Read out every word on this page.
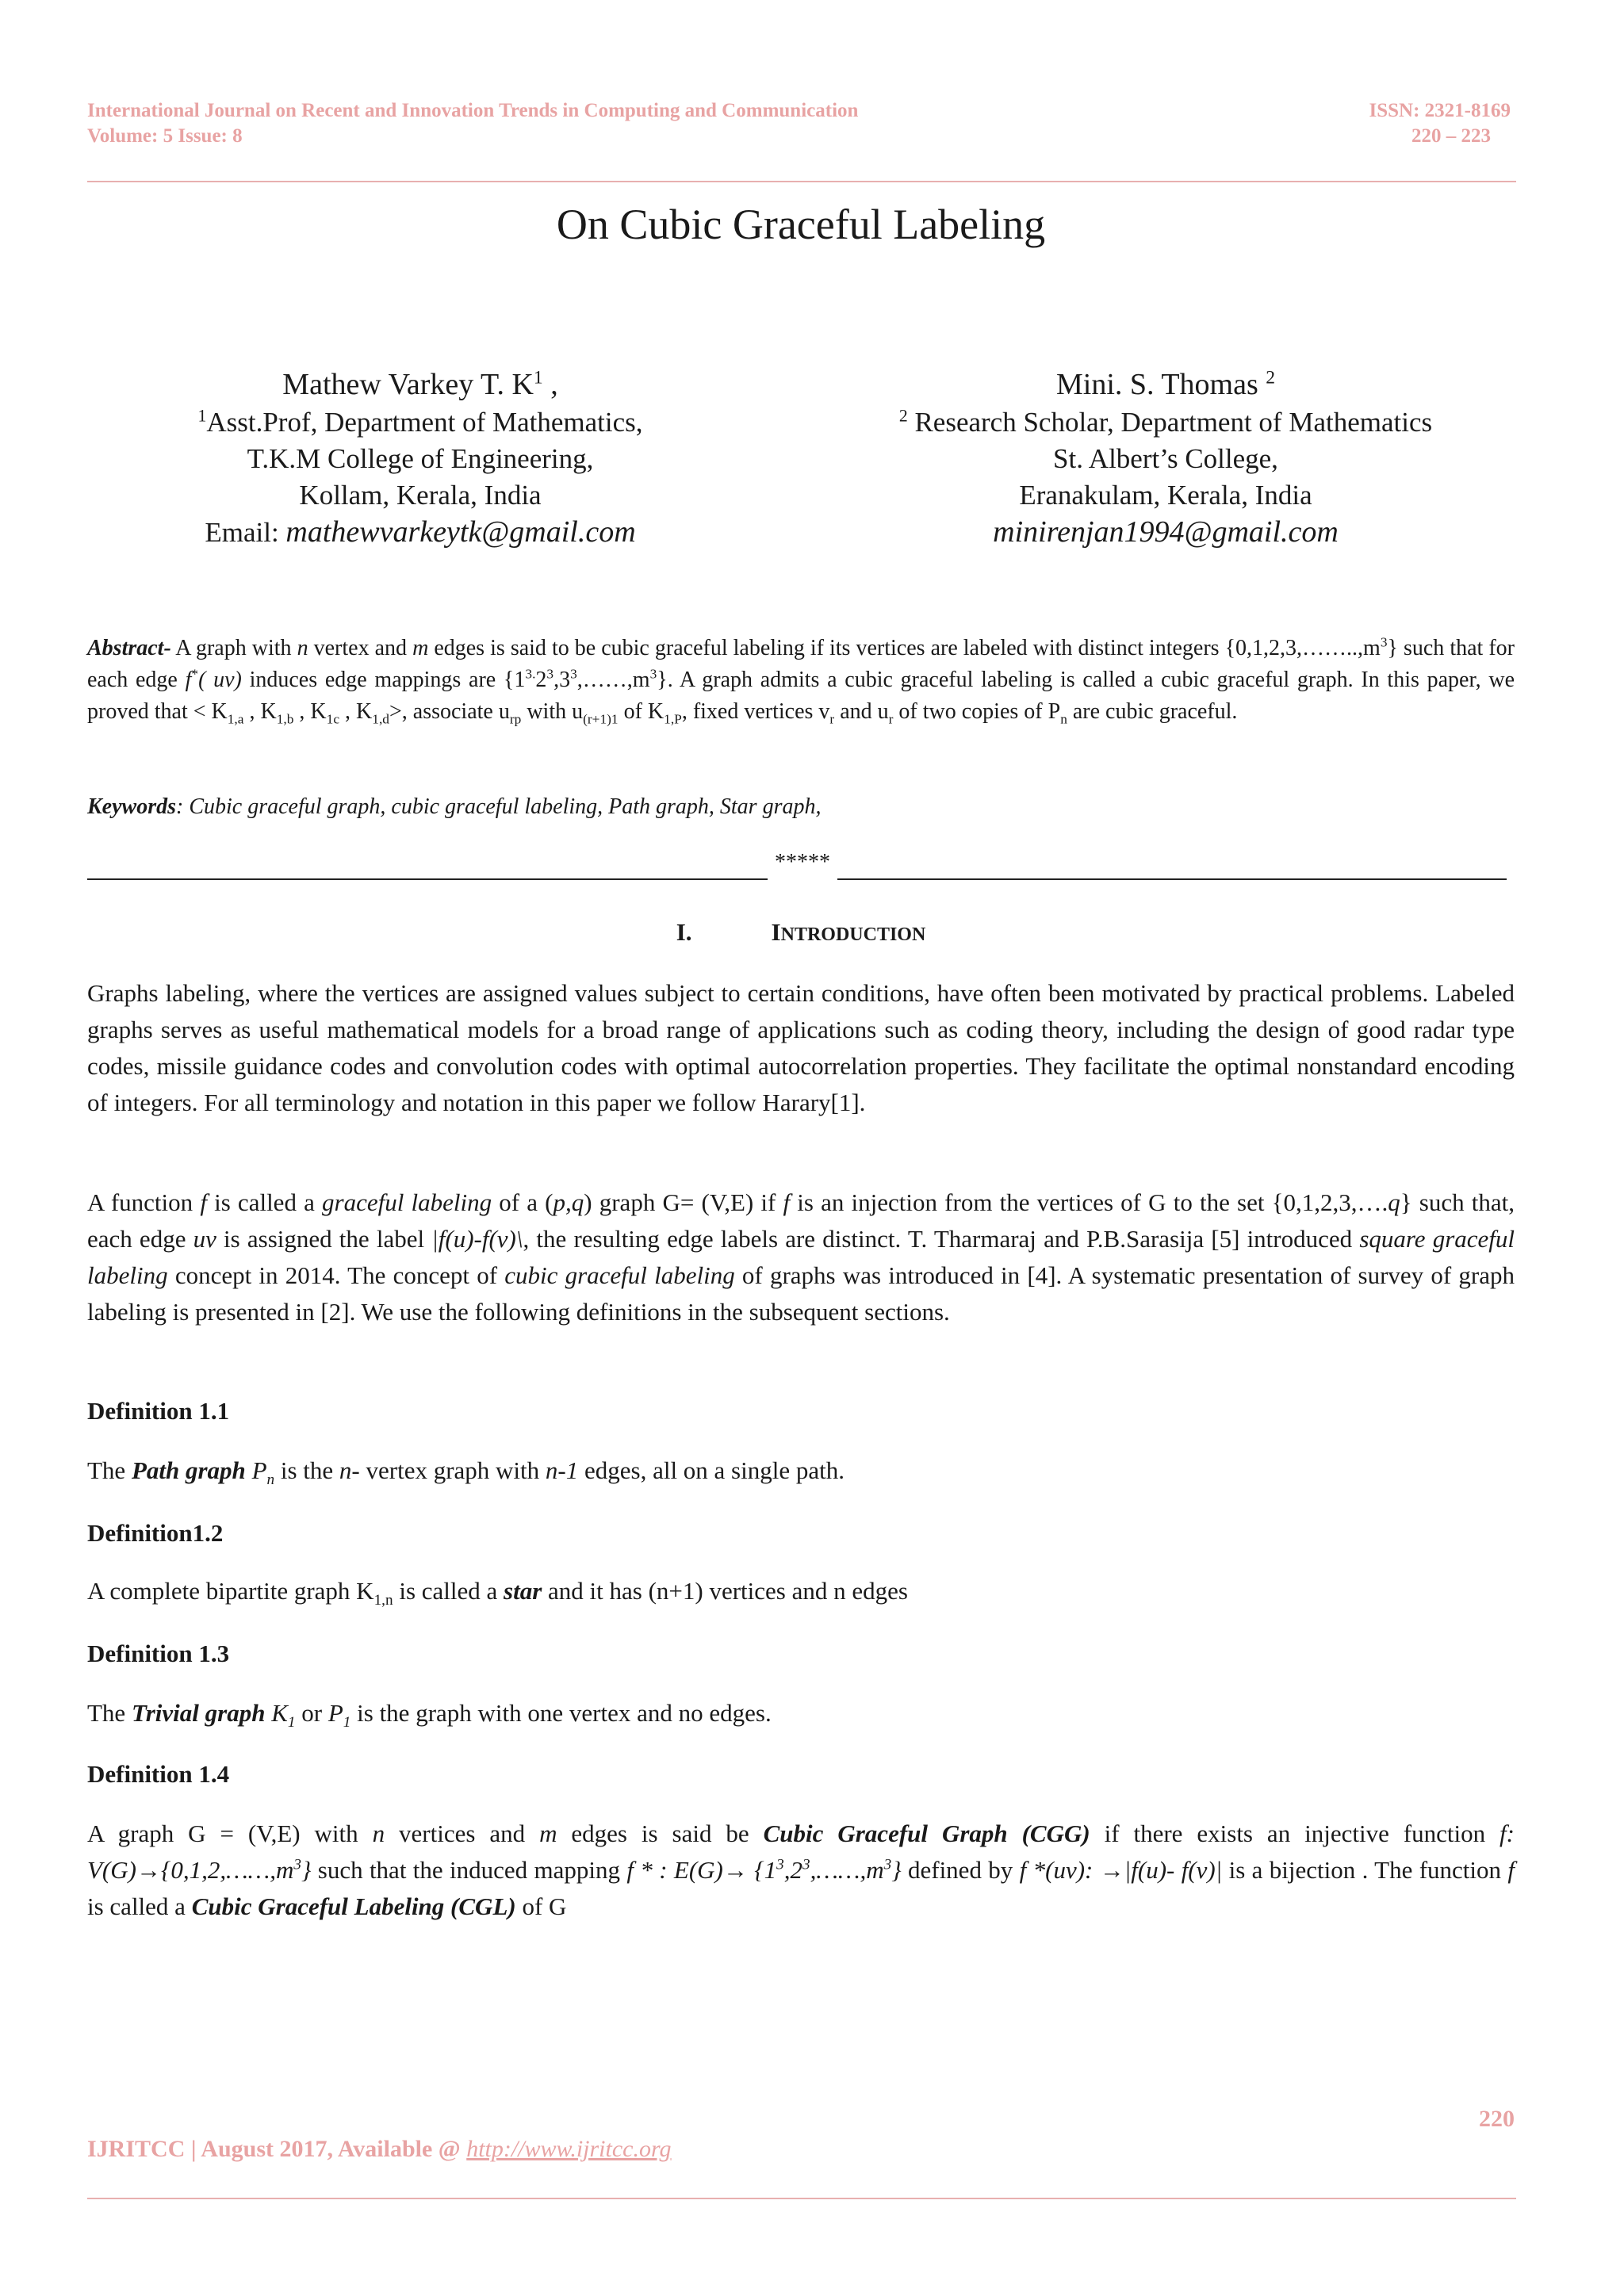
International Journal on Recent and Innovation Trends in Computing and Communication
Volume: 5 Issue: 8
ISSN: 2321-8169
220 – 223
On Cubic Graceful Labeling
Mathew Varkey T. $K^1$ ,
$^1$Asst.Prof, Department of Mathematics,
T.K.M College of Engineering,
Kollam, Kerala, India
Email: mathewvarkeytk@gmail.com
Mini. S. Thomas $^2$
$^2$ Research Scholar, Department of Mathematics
St. Albert’s College,
Eranakulam, Kerala, India
minirenjan1994@gmail.com
Abstract- A graph with n vertex and m edges is said to be cubic graceful labeling if its vertices are labeled with distinct integers $\{0,1,2,3,\dots\dots..,m^3\}$ such that for each edge f*( uv) induces edge mappings are $\{1^{3.}2^3,3^3,\dots\dots,m^3\}$. A graph admits a cubic graceful labeling is called a cubic graceful graph. In this paper, we proved that < $K_{1,a}$ , $K_{1,b}$ , $K_{1c}$ , $K_{1,d}>$, associate $u_{rp}$ with $u_{(r+1)1}$ of $K_{1,P}$, fixed vertices $v_r$ and $u_r$ of two copies of $P_n$ are cubic graceful.
Keywords: Cubic graceful graph, cubic graceful labeling, Path graph, Star graph,
*****
I.	INTRODUCTION
Graphs labeling, where the vertices are assigned values subject to certain conditions, have often been motivated by practical problems. Labeled graphs serves as useful mathematical models for a broad range of applications such as coding theory, including the design of good radar type codes, missile guidance codes and convolution codes with optimal autocorrelation properties. They facilitate the optimal nonstandard encoding of integers. For all terminology and notation in this paper we follow Harary[1].
A function f is called a graceful labeling of a (p,q) graph G= (V,E) if f is an injection from the vertices of G to the set {0,1,2,3,….q} such that, each edge uv is assigned the label |f(u)-f(v)\, the resulting edge labels are distinct. T. Tharmaraj and P.B.Sarasija [5] introduced square graceful labeling concept in 2014. The concept of cubic graceful labeling of graphs was introduced in [4]. A systematic presentation of survey of graph labeling is presented in [2]. We use the following definitions in the subsequent sections.
Definition 1.1
The Path graph $P_n$ is the n- vertex graph with n-1 edges, all on a single path.
Definition1.2
A complete bipartite graph $K_{1,n}$ is called a star and it has (n+1) vertices and n edges
Definition 1.3
The Trivial graph $K_1$ or $P_1$ is the graph with one vertex and no edges.
Definition 1.4
A graph G = (V,E) with n vertices and m edges is said be Cubic Graceful Graph (CGG) if there exists an injective function f: $V(G)\to\{0,1,2,\dots\dots,m^3\}$ such that the induced mapping f * : $E(G)\to \{1^3,2^3,\dots\dots,m^3\}$ defined by f *(uv): →|f(u)- f(v)| is a bijection . The function f is called a Cubic Graceful Labeling (CGL) of G
220
IJRITCC | August 2017, Available @ http://www.ijritcc.org
